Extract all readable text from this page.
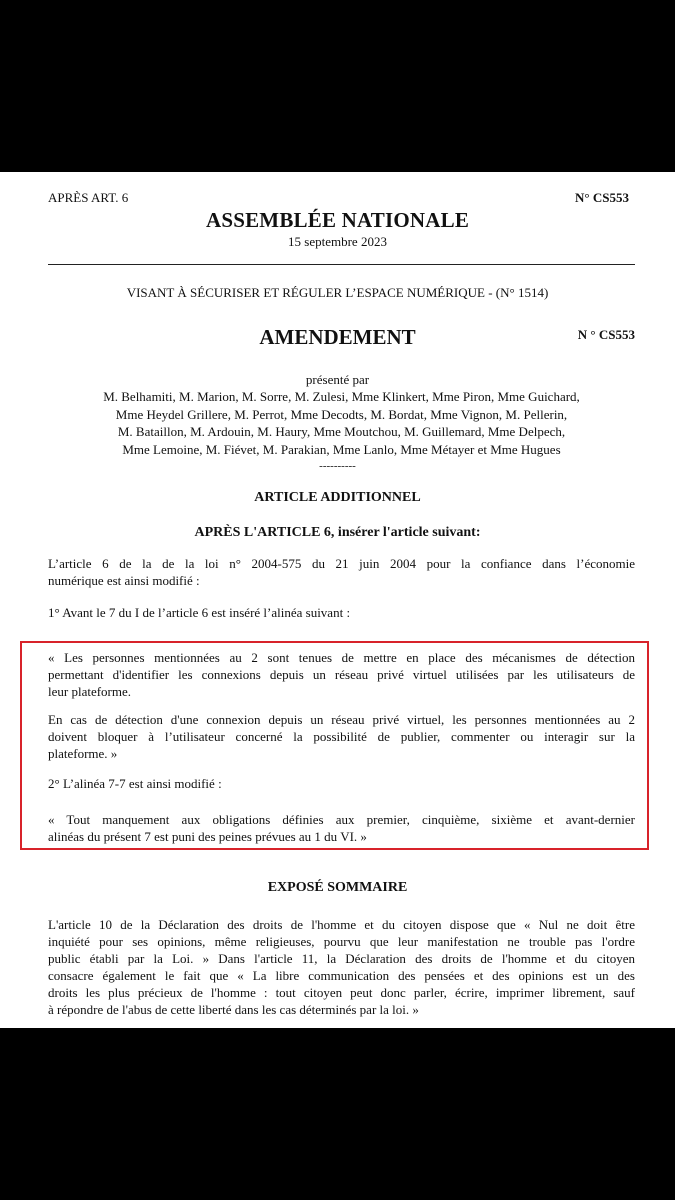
APRÈS ART. 6	N° CS553
ASSEMBLÉE NATIONALE
15 septembre 2023
VISANT À SÉCURISER ET RÉGULER L’ESPACE NUMÉRIQUE - (N° 1514)
AMENDEMENT	N ° CS553
présenté par
M. Belhamiti, M. Marion, M. Sorre, M. Zulesi, Mme Klinkert, Mme Piron, Mme Guichard,
Mme Heydel Grillere, M. Perrot, Mme Decodts, M. Bordat, Mme Vignon, M. Pellerin,
M. Bataillon, M. Ardouin, M. Haury, Mme Moutchou, M. Guillemard, Mme Delpech,
Mme Lemoine, M. Fiévet, M. Parakian, Mme Lanlo, Mme Métayer et Mme Hugues
----------
ARTICLE ADDITIONNEL
APRÈS L'ARTICLE 6, insérer l'article suivant:
L’article 6 de la de la loi n° 2004-575 du 21 juin 2004 pour la confiance dans l’économie
numérique est ainsi modifié :
1° Avant le 7 du I de l’article 6 est inséré l’alinéa suivant :
« Les personnes mentionnées au 2 sont tenues de mettre en place des mécanismes de détection
permettant d'identifier les connexions depuis un réseau privé virtuel utilisées par les utilisateurs de
leur plateforme.
En cas de détection d'une connexion depuis un réseau privé virtuel, les personnes mentionnées au 2
doivent bloquer à l’utilisateur concerné la possibilité de publier, commenter ou interagir sur la
plateforme. »
2° L’alinéa 7-7 est ainsi modifié :
« Tout manquement aux obligations définies aux premier, cinquième, sixième et avant-dernier
alinéas du présent 7 est puni des peines prévues au 1 du VI. »
EXPOSÉ SOMMAIRE
L'article 10 de la Déclaration des droits de l'homme et du citoyen dispose que « Nul ne doit être
inquiété pour ses opinions, même religieuses, pourvu que leur manifestation ne trouble pas l'ordre
public établi par la Loi. » Dans l'article 11, la Déclaration des droits de l'homme et du citoyen
consacre également le fait que « La libre communication des pensées et des opinions est un des
droits les plus précieux de l'homme : tout citoyen peut donc parler, écrire, imprimer librement, sauf
à répondre de l'abus de cette liberté dans les cas déterminés par la loi. »
